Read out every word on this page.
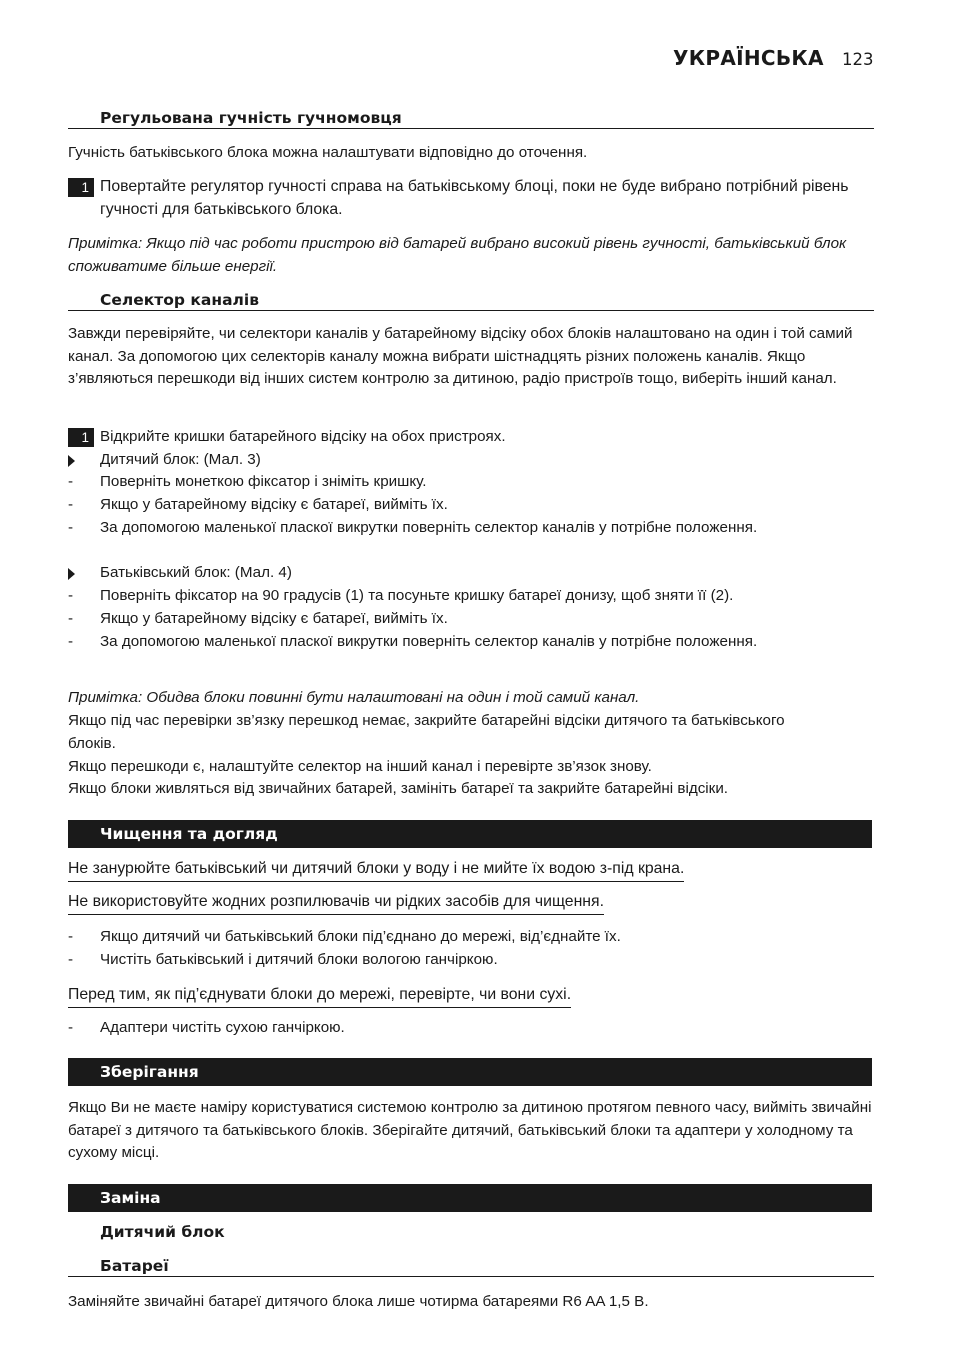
УКРАЇНСЬКА 123
Регульована гучність гучномовця
Гучність батьківського блока можна налаштувати відповідно до оточення.
1 Повертайте регулятор гучності справа на батьківському блоці, поки не буде вибрано потрібний рівень гучності для батьківського блока.
Примітка: Якщо під час роботи пристрою від батарей вибрано високий рівень гучності, батьківський блок споживатиме більше енергії.
Селектор каналів
Завжди перевіряйте, чи селектори каналів у батарейному відсіку обох блоків налаштовано на один і той самий канал. За допомогою цих селекторів каналу можна вибрати шістнадцять різних положень каналів. Якщо з’являються перешкоди від інших систем контролю за дитиною, радіо пристроїв тощо, виберіть інший канал.
1 Відкрийте кришки батарейного відсіку на обох пристроях.
Дитячий блок: (Мал. 3)
-	Поверніть монеткою фіксатор і зніміть кришку.
-	Якщо у батарейному відсіку є батареї, вийміть їх.
-	За допомогою маленької пласкої викрутки поверніть селектор каналів у потрібне положення.
Батьківський блок: (Мал. 4)
-	Поверніть фіксатор на 90 градусів (1) та посуньте кришку батареї донизу, щоб зняти її (2).
-	Якщо у батарейному відсіку є батареї, вийміть їх.
-	За допомогою маленької пласкої викрутки поверніть селектор каналів у потрібне положення.
Примітка: Обидва блоки повинні бути налаштовані на один і той самий канал.
Якщо під час перевірки зв’язку перешкод немає, закрийте батарейні відсіки дитячого та батьківського блоків.
Якщо перешкоди є, налаштуйте селектор на інший канал і перевірте зв’язок знову.
Якщо блоки живляться від звичайних батарей, замініть батареї та закрийте батарейні відсіки.
Чищення та догляд
Не занурюйте батьківський чи дитячий блоки у воду і не мийте їх водою з-під крана.
Не використовуйте жодних розпилювачів чи рідких засобів для чищення.
-	Якщо дитячий чи батьківський блоки під’єднано до мережі, від’єднайте їх.
-	Чистіть батьківський і дитячий блоки вологою ганчіркою.
Перед тим, як під’єднувати блоки до мережі, перевірте, чи вони сухі.
-	Адаптери чистіть сухою ганчіркою.
Зберігання
Якщо Ви не маєте наміру користуватися системою контролю за дитиною протягом певного часу, вийміть звичайні батареї з дитячого та батьківського блоків. Зберігайте дитячий, батьківський блоки та адаптери у холодному та сухому місці.
Заміна
Дитячий блок
Батареї
Заміняйте звичайні батареї дитячого блока лише чотирма батареями R6 AA 1,5 В.
